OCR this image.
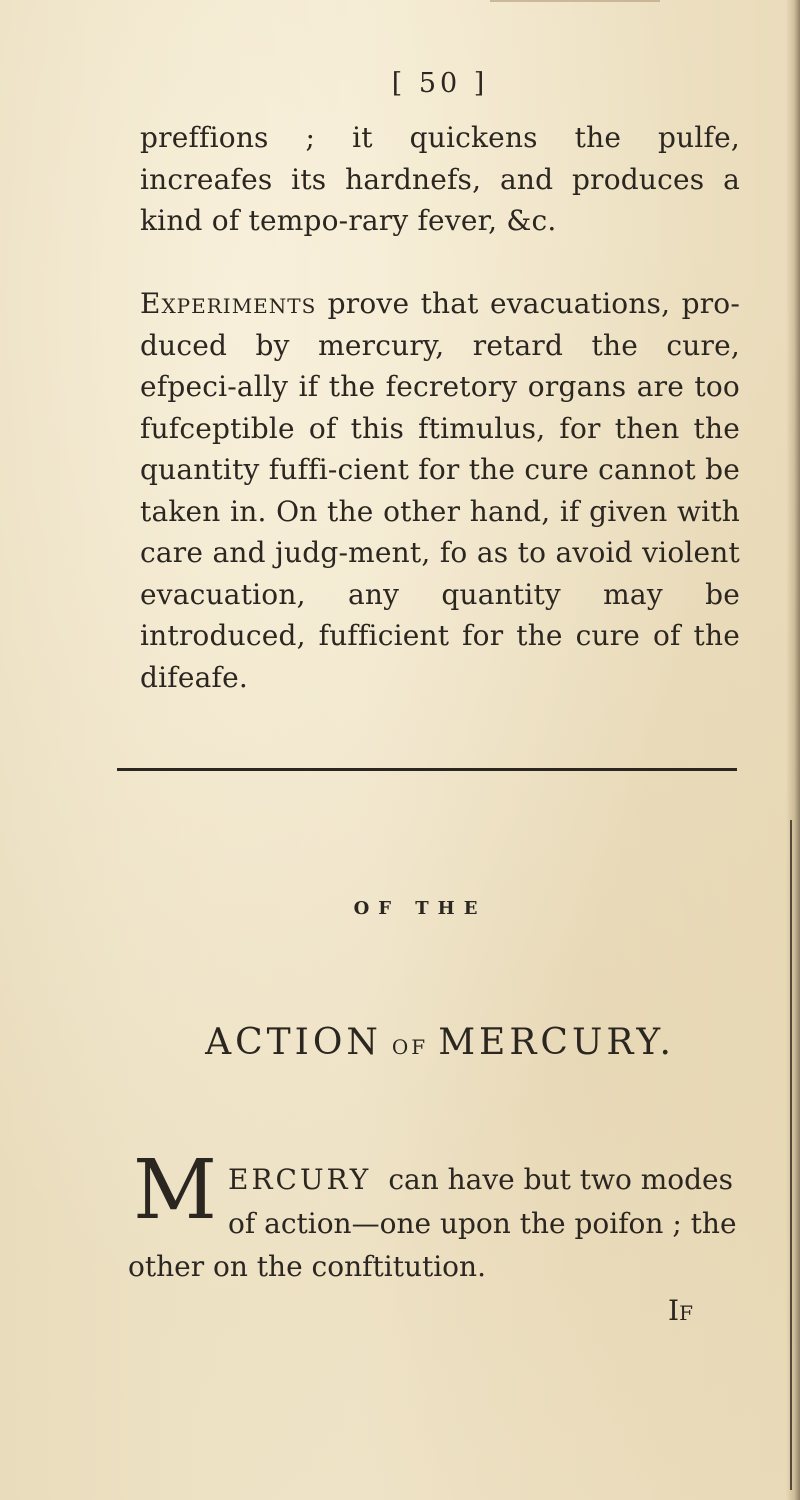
[ 50 ]
preffions ; it quickens the pulfe, increafes its hardnefs, and produces a kind of tempo-rary fever, &c.
Experiments prove that evacuations, pro-duced by mercury, retard the cure, efpeci-ally if the fecretory organs are too fufceptible of this ftimulus, for then the quantity fuffi-cient for the cure cannot be taken in. On the other hand, if given with care and judg-ment, fo as to avoid violent evacuation, any quantity may be introduced, fufficient for the cure of the difeafe.
OF THE
ACTION OF MERCURY.
M ERCURY can have but two modes
of action—one upon the poifon ; the
other on the conftitution.
IF
